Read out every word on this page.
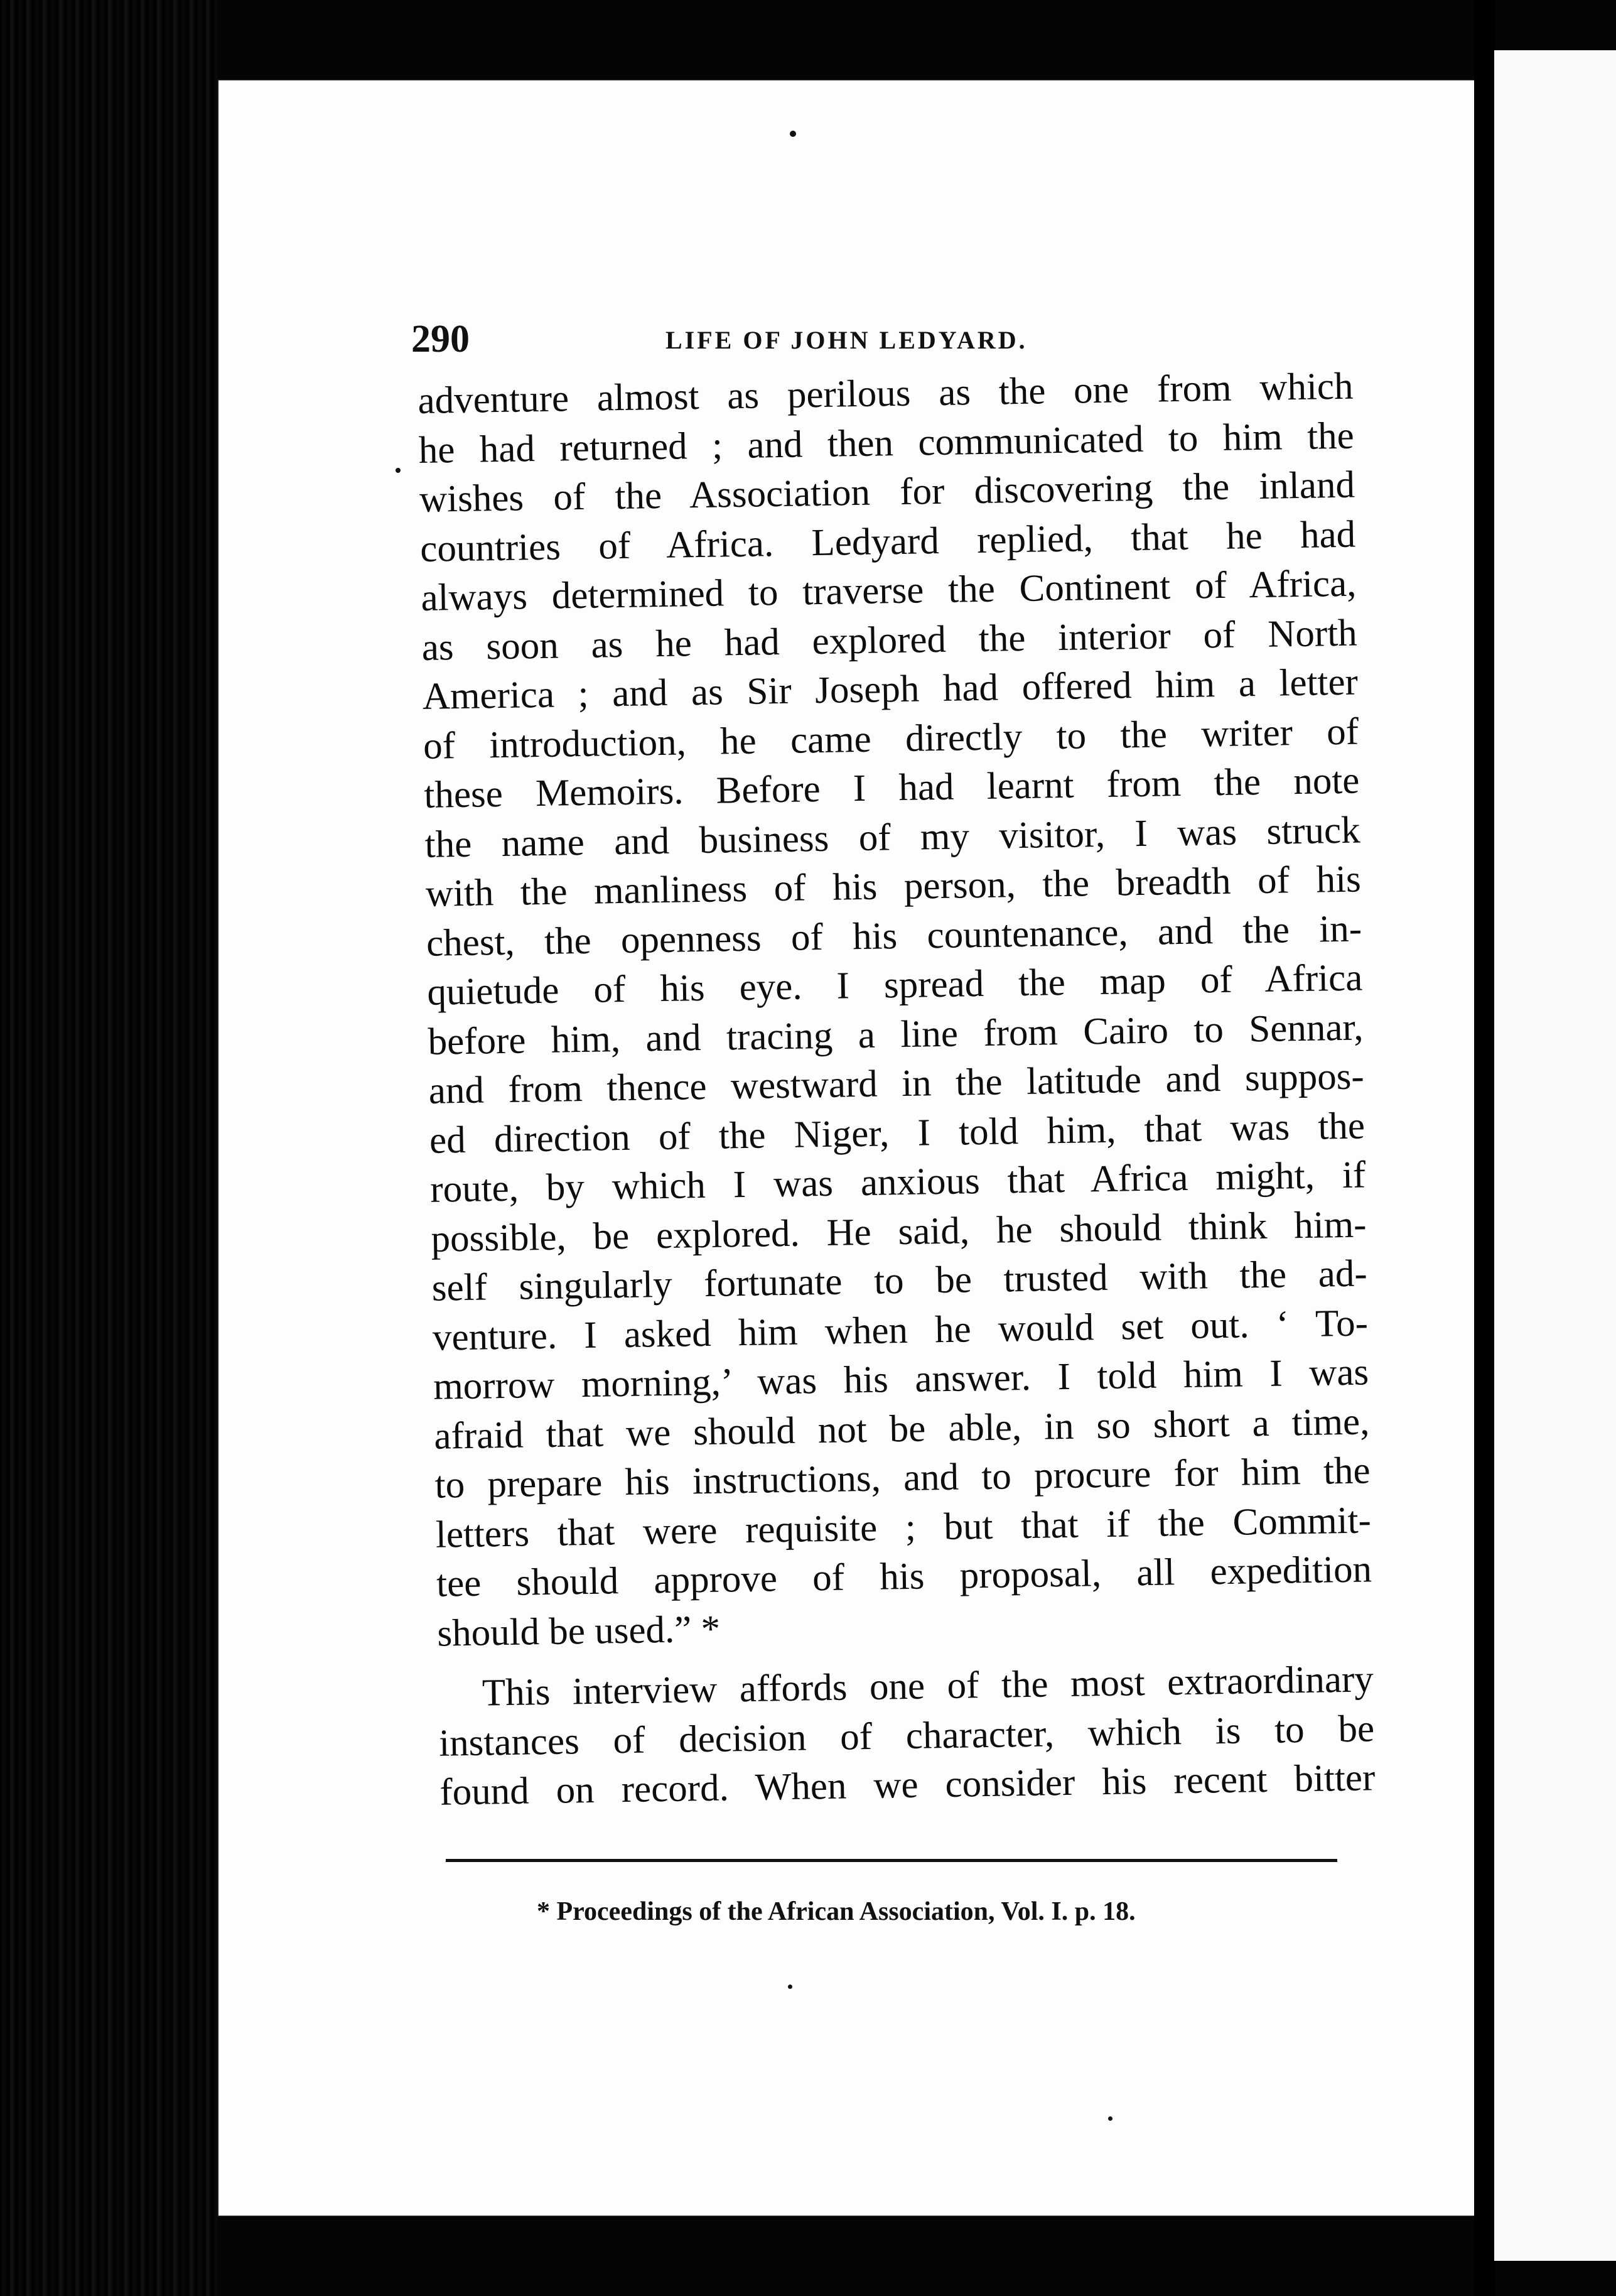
290	LIFE OF JOHN LEDYARD.
adventure almost as perilous as the one from which
he had returned ; and then communicated to him the
wishes of the Association for discovering the inland
countries of Africa. Ledyard replied, that he had
always determined to traverse the Continent of Africa,
as soon as he had explored the interior of North
America ; and as Sir Joseph had offered him a letter
of introduction, he came directly to the writer of
these Memoirs. Before I had learnt from the note
the name and business of my visitor, I was struck
with the manliness of his person, the breadth of his
chest, the openness of his countenance, and the in-
quietude of his eye. I spread the map of Africa
before him, and tracing a line from Cairo to Sennar,
and from thence westward in the latitude and suppos-
ed direction of the Niger, I told him, that was the
route, by which I was anxious that Africa might, if
possible, be explored. He said, he should think him-
self singularly fortunate to be trusted with the ad-
venture. I asked him when he would set out. ‘ To-
morrow morning,’ was his answer. I told him I was
afraid that we should not be able, in so short a time,
to prepare his instructions, and to procure for him the
letters that were requisite ; but that if the Commit-
tee should approve of his proposal, all expedition
should be used.” *
This interview affords one of the most extraordinary
instances of decision of character, which is to be
found on record. When we consider his recent bitter
* Proceedings of the African Association, Vol. I. p. 18.
